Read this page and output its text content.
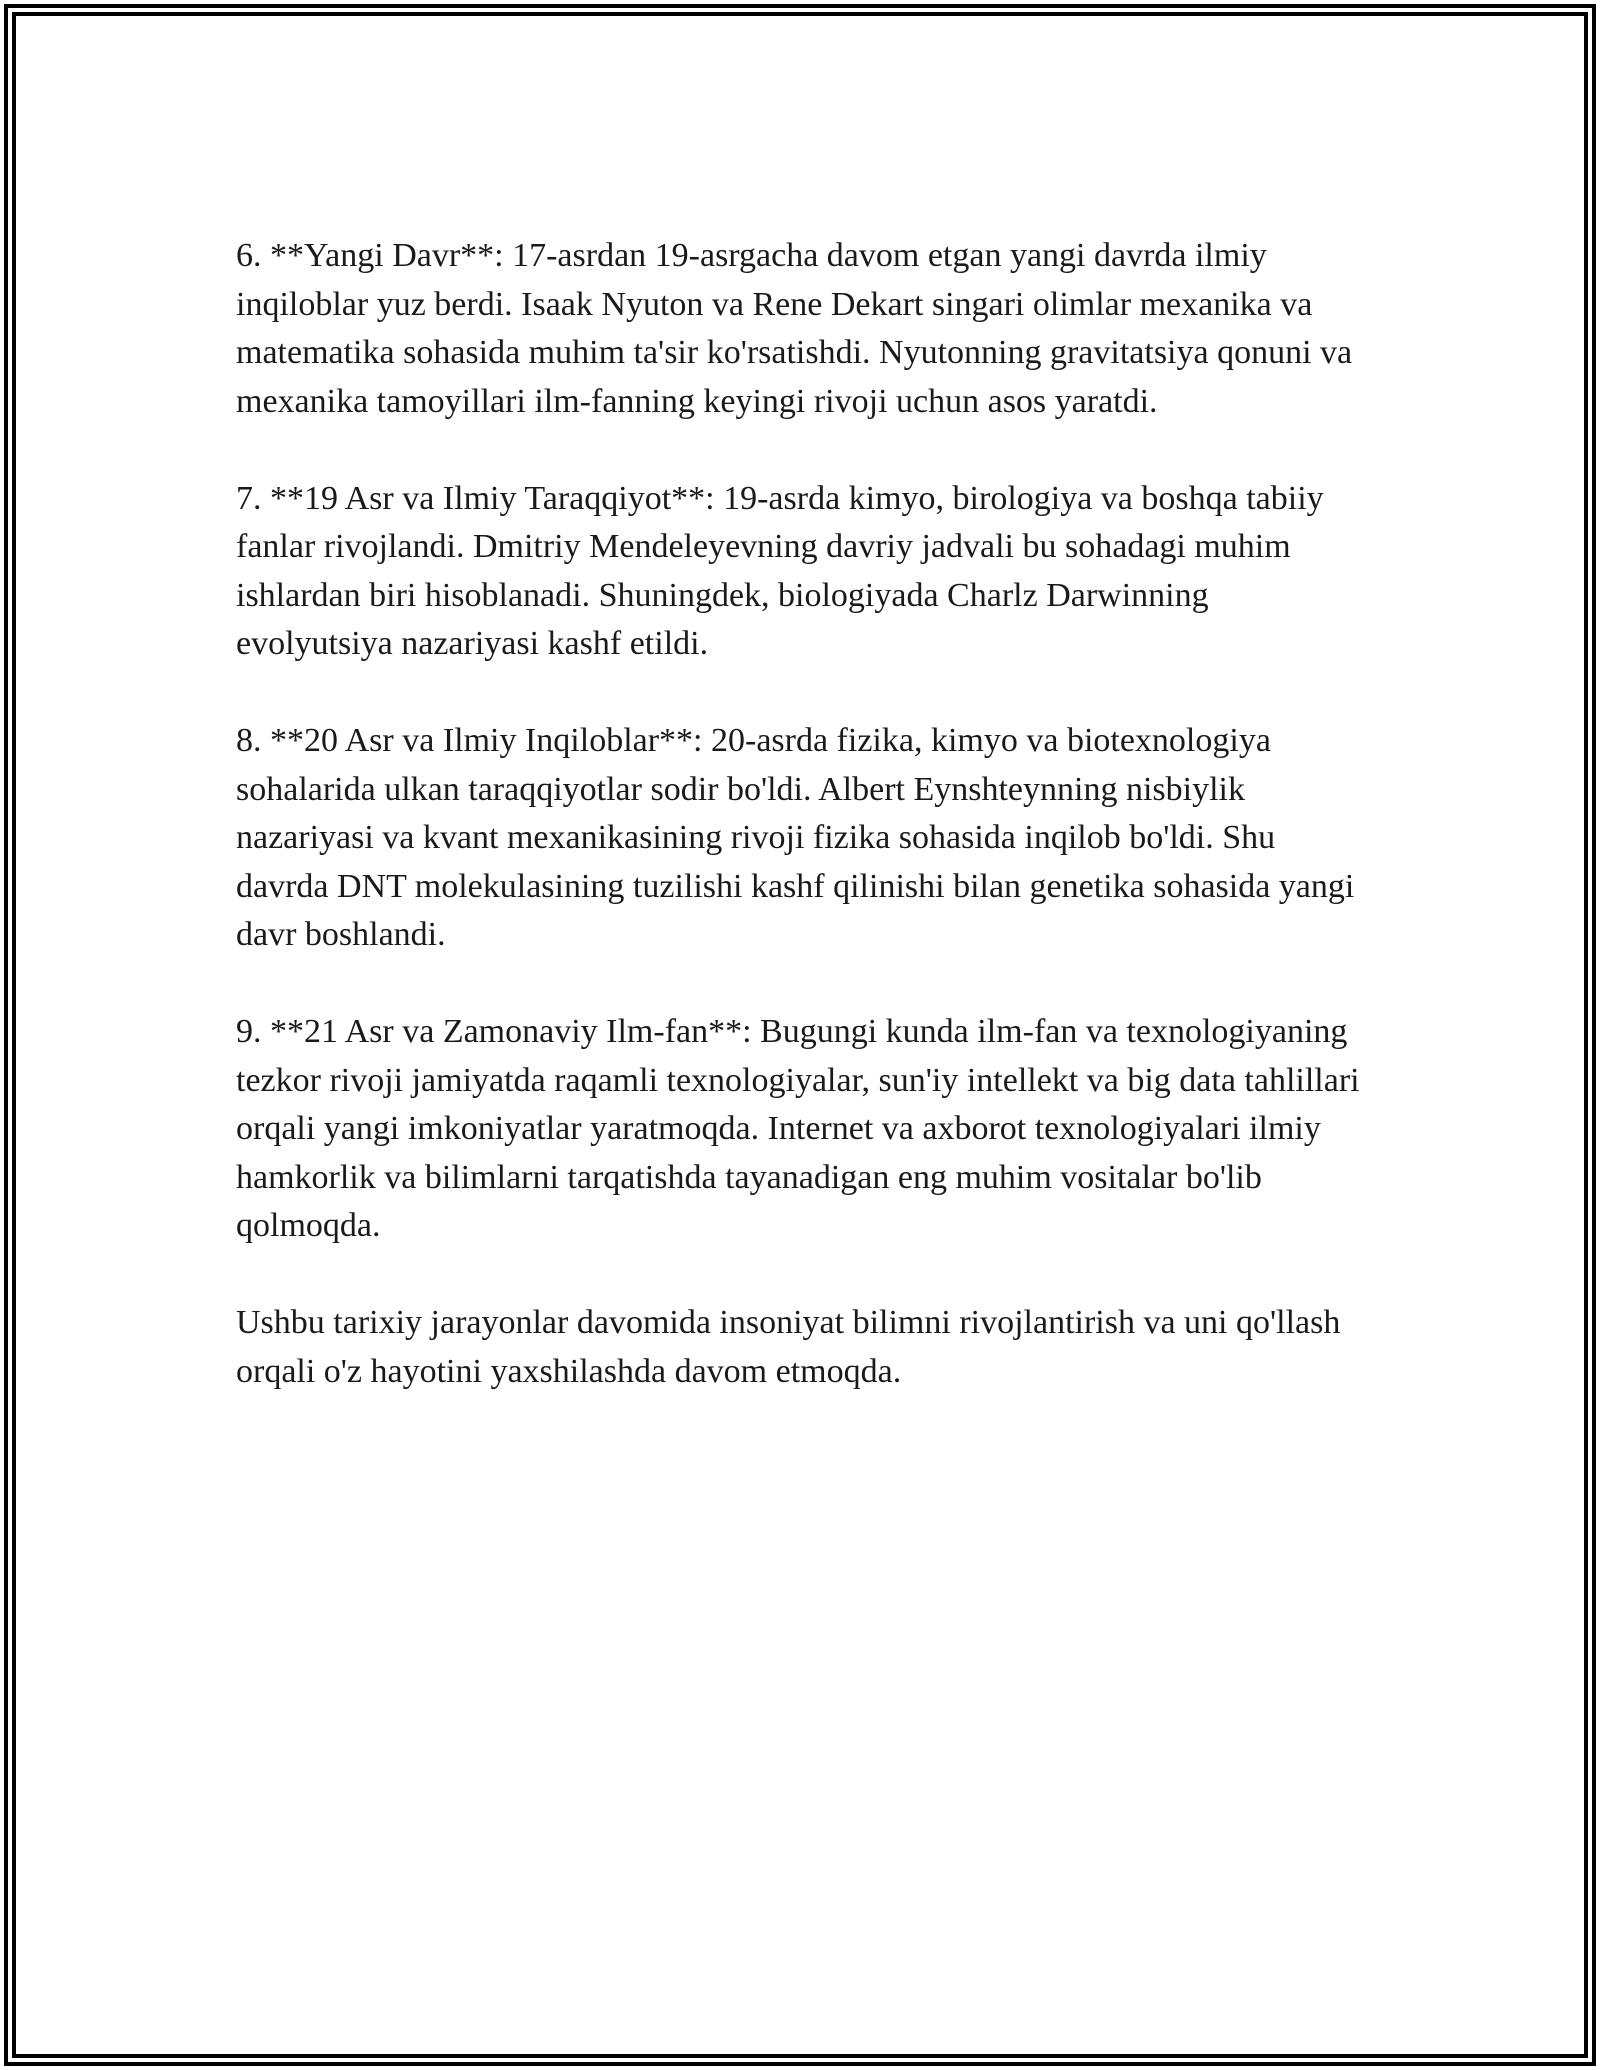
6. **Yangi Davr**: 17-asrdan 19-asrgacha davom etgan yangi davrda ilmiy inqiloblar yuz berdi. Isaak Nyuton va Rene Dekart singari olimlar mexanika va matematika sohasida muhim ta'sir ko'rsatishdi. Nyutonning gravitatsiya qonuni va mexanika tamoyillari ilm-fanning keyingi rivoji uchun asos yaratdi.

7. **19 Asr va Ilmiy Taraqqiyot**: 19-asrda kimyo, birologiya va boshqa tabiiy fanlar rivojlandi. Dmitriy Mendeleyevning davriy jadvali bu sohadagi muhim ishlardan biri hisoblanadi. Shuningdek, biologiyada Charlz Darwinning evolyutsiya nazariyasi kashf etildi.

8. **20 Asr va Ilmiy Inqiloblar**: 20-asrda fizika, kimyo va biotexnologiya sohalarida ulkan taraqqiyotlar sodir bo'ldi. Albert Eynshteynning nisbiylik nazariyasi va kvant mexanikasining rivoji fizika sohasida inqilob bo'ldi. Shu davrda DNT molekulasining tuzilishi kashf qilinishi bilan genetika sohasida yangi davr boshlandi.

9. **21 Asr va Zamonaviy Ilm-fan**: Bugungi kunda ilm-fan va texnologiyaning tezkor rivoji jamiyatda raqamli texnologiyalar, sun'iy intellekt va big data tahlillari orqali yangi imkoniyatlar yaratmoqda. Internet va axborot texnologiyalari ilmiy hamkorlik va bilimlarni tarqatishda tayanadigan eng muhim vositalar bo'lib qolmoqda.

Ushbu tarixiy jarayonlar davomida insoniyat bilimni rivojlantirish va uni qo'llash orqali o'z hayotini yaxshilashda davom etmoqda.
